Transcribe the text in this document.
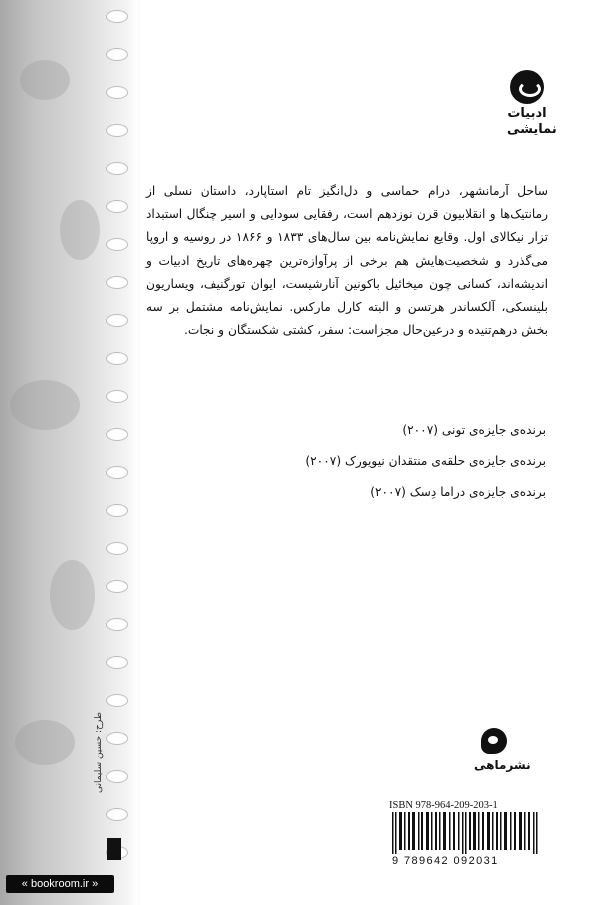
ادبیات
نمایشی
ساحل آرمانشهر، درام حماسی و دل‌انگیز تام استاپارد، داستان نسلی از رمانتیک‌ها و انقلابیون قرن نوزدهم است، رفقایی سودایی و اسیر چنگال استبداد تزار نیکالای اول. وقایع نمایش‌نامه بین سال‌های ۱۸۳۳ و ۱۸۶۶ در روسیه و اروپا می‌گذرد و شخصیت‌هایش هم برخی از پرآوازه‌ترین چهره‌های تاریخ ادبیات و اندیشه‌اند، کسانی چون میخائیل باکونین آنارشیست، ایوان تورگنیف، ویساریون بلینسکی، آلکساندر هرتسن و البته کارل مارکس. نمایش‌نامه مشتمل بر سه بخش درهم‌تنیده و درعین‌حال مجزاست: سفر، کشتی شکستگان و نجات.
برنده‌ی جایزه‌ی تونی (۲۰۰۷)
برنده‌ی جایزه‌ی حلقه‌ی منتقدان نیویورک (۲۰۰۷)
برنده‌ی جایزه‌ی دراما دِسک (۲۰۰۷)
نشرماهی
ISBN 978-964-209-203-1
9 789642 092031
طرح: حسین سلیمانی
« bookroom.ir »
